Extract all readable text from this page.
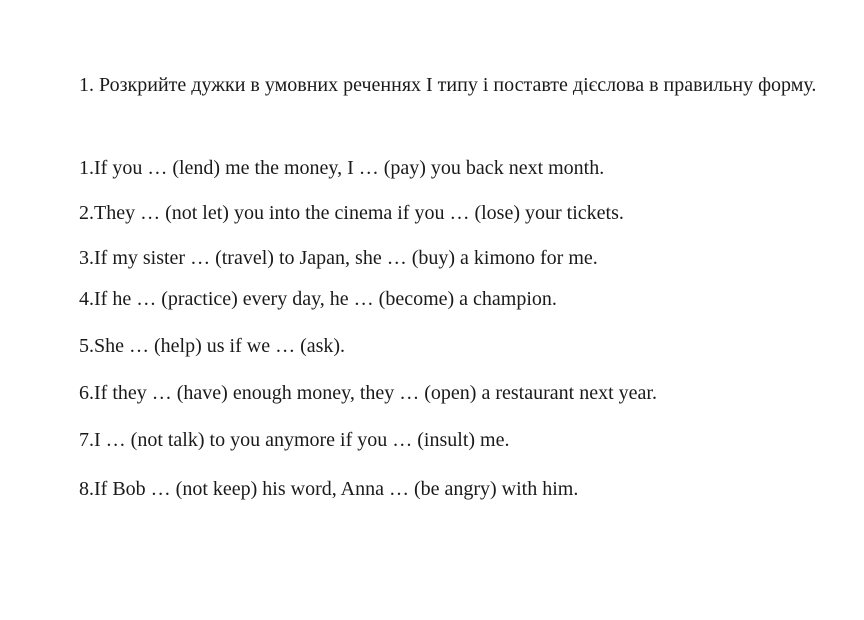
1. Розкрийте дужки в умовних реченнях І типу і поставте дієслова в правильну форму.
1.If you … (lend) me the money, I … (pay) you back next month.
2.They … (not let) you into the cinema if you … (lose) your tickets.
3.If my sister … (travel) to Japan, she … (buy) a kimono for me.
4.If he … (practice) every day, he … (become) a champion.
5.She … (help) us if we … (ask).
6.If they … (have) enough money, they … (open) a restaurant next year.
7.I … (not talk) to you anymore if you … (insult) me.
8.If Bob … (not keep) his word, Anna … (be angry) with him.
